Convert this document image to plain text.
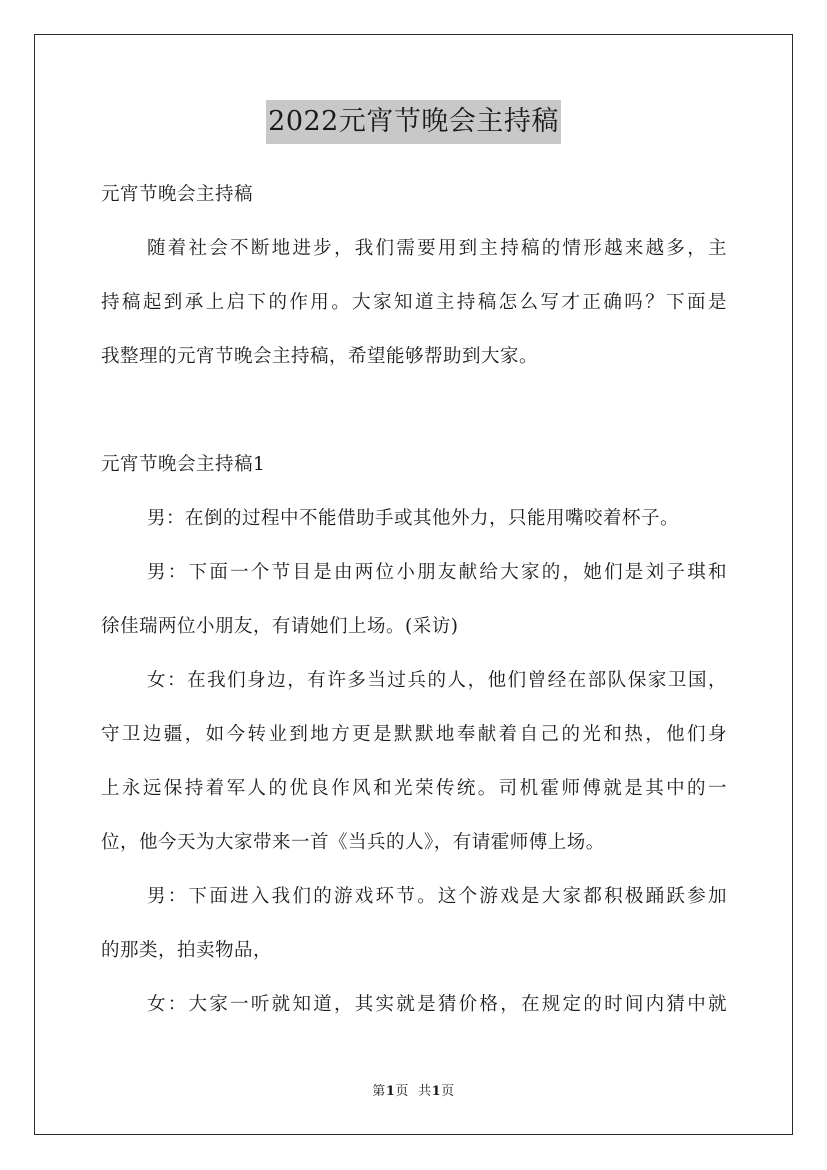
2022元宵节晚会主持稿
元宵节晚会主持稿
随着社会不断地进步，我们需要用到主持稿的情形越来越多，主
持稿起到承上启下的作用。大家知道主持稿怎么写才正确吗？下面是
我整理的元宵节晚会主持稿，希望能够帮助到大家。
元宵节晚会主持稿1
男：在倒的过程中不能借助手或其他外力，只能用嘴咬着杯子。
男：下面一个节目是由两位小朋友献给大家的，她们是刘子琪和
徐佳瑞两位小朋友，有请她们上场。(采访)
女：在我们身边，有许多当过兵的人，他们曾经在部队保家卫国，
守卫边疆，如今转业到地方更是默默地奉献着自己的光和热，他们身
上永远保持着军人的优良作风和光荣传统。司机霍师傅就是其中的一
位，他今天为大家带来一首《当兵的人》，有请霍师傅上场。
男：下面进入我们的游戏环节。这个游戏是大家都积极踊跃参加
的那类，拍卖物品，
女：大家一听就知道，其实就是猜价格，在规定的时间内猜中就
第1页  共1页
